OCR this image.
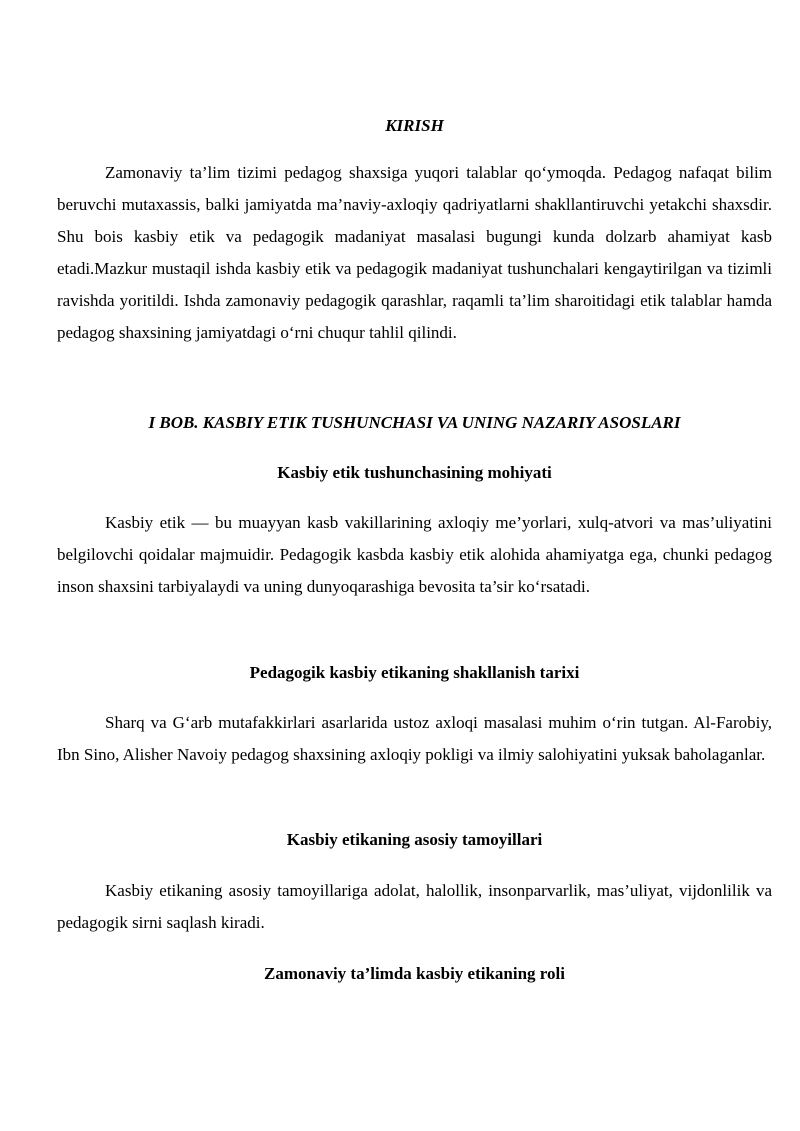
KIRISH

Zamonaviy ta’lim tizimi pedagog shaxsiga yuqori talablar qo‘ymoqda. Pedagog nafaqat bilim beruvchi mutaxassis, balki jamiyatda ma’naviy-axloqiy qadriyatlarni shakllantiruvchi yetakchi shaxsdir. Shu bois kasbiy etik va pedagogik madaniyat masalasi bugungi kunda dolzarb ahamiyat kasb etadi.Mazkur mustaqil ishda kasbiy etik va pedagogik madaniyat tushunchalari kengaytirilgan va tizimli ravishda yoritildi. Ishda zamonaviy pedagogik qarashlar, raqamli ta’lim sharoitidagi etik talablar hamda pedagog shaxsining jamiyatdagi o‘rni chuqur tahlil qilindi.

I BOB. KASBIY ETIK TUSHUNCHASI VA UNING NAZARIY ASOSLARI
Kasbiy etik tushunchasining mohiyati

Kasbiy etik — bu muayyan kasb vakillarining axloqiy me’yorlari, xulq-atvori va mas’uliyatini belgilovchi qoidalar majmuidir. Pedagogik kasbda kasbiy etik alohida ahamiyatga ega, chunki pedagog inson shaxsini tarbiyalaydi va uning dunyoqarashiga bevosita ta’sir ko‘rsatadi.

Pedagogik kasbiy etikaning shakllanish tarixi

Sharq va G‘arb mutafakkirlari asarlarida ustoz axloqi masalasi muhim o‘rin tutgan. Al-Farobiy, Ibn Sino, Alisher Navoiy pedagog shaxsining axloqiy pokligi va ilmiy salohiyatini yuksak baholaganlar.

Kasbiy etikaning asosiy tamoyillari

Kasbiy etikaning asosiy tamoyillariga adolat, halollik, insonparvarlik, mas’uliyat, vijdonlilik va pedagogik sirni saqlash kiradi.

Zamonaviy ta’limda kasbiy etikaning roli
